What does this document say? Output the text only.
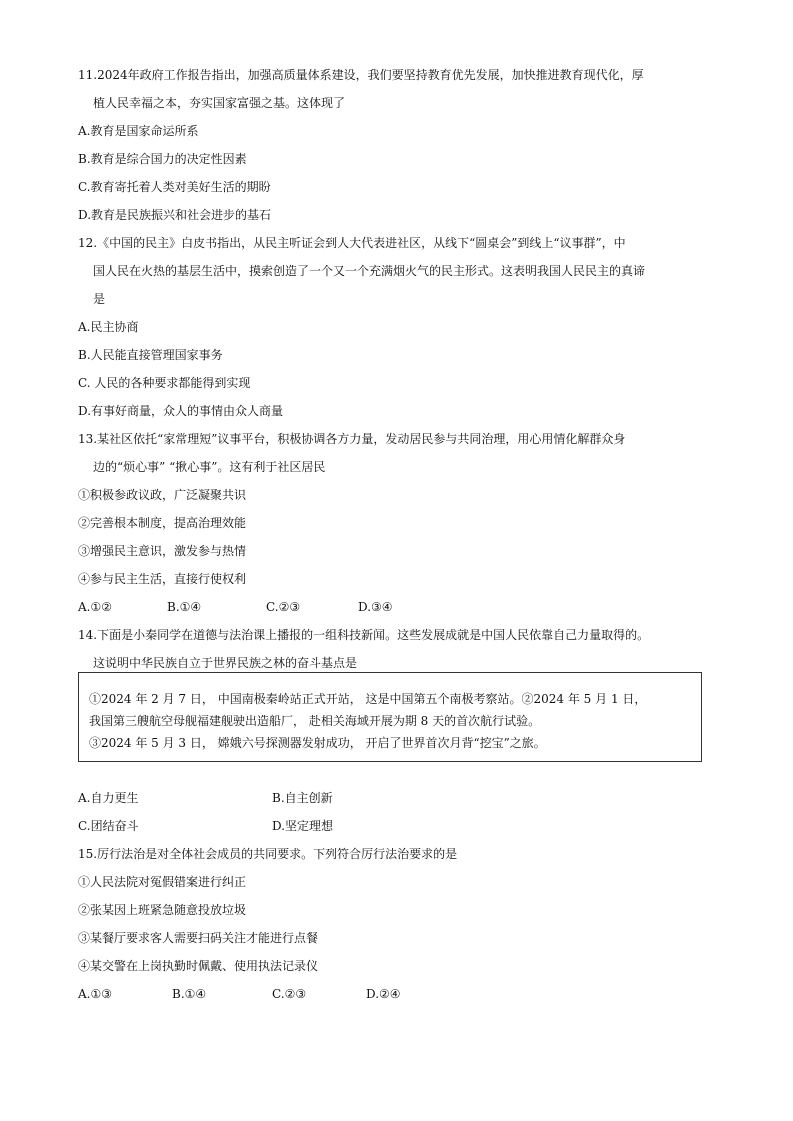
11.2024年政府工作报告指出，加强高质量体系建设，我们要坚持教育优先发展，加快推进教育现代化，厚
植人民幸福之本，夯实国家富强之基。这体现了
A.教育是国家命运所系
B.教育是综合国力的决定性因素
C.教育寄托着人类对美好生活的期盼
D.教育是民族振兴和社会进步的基石
12.《中国的民主》白皮书指出，从民主听证会到人大代表进社区，从线下“圆桌会”到线上“议事群”，中
国人民在火热的基层生活中，摸索创造了一个又一个充满烟火气的民主形式。这表明我国人民民主的真谛
是
A.民主协商
B.人民能直接管理国家事务
C. 人民的各种要求都能得到实现
D.有事好商量，众人的事情由众人商量
13.某社区依托“家常理短”议事平台，积极协调各方力量，发动居民参与共同治理，用心用情化解群众身
边的“烦心事” “揪心事”。这有利于社区居民
①积极参政议政，广泛凝聚共识
②完善根本制度，提高治理效能
③增强民主意识，激发参与热情
④参与民主生活，直接行使权利
A.①②	B.①④	C.②③	D.③④
14.下面是小秦同学在道德与法治课上播报的一组科技新闻。这些发展成就是中国人民依靠自己力量取得的。
这说明中华民族自立于世界民族之林的奋斗基点是
①2024 年 2 月 7 日， 中国南极秦岭站正式开站， 这是中国第五个南极考察站。②2024 年 5 月 1 日，
我国第三艘航空母舰福建舰驶出造船厂， 赴相关海域开展为期 8 天的首次航行试验。
③2024 年 5 月 3 日， 嫦娥六号探测器发射成功， 开启了世界首次月背“挖宝”之旅。
A.自力更生	B.自主创新
C.团结奋斗	D.坚定理想
15.厉行法治是对全体社会成员的共同要求。下列符合厉行法治要求的是
①人民法院对冤假错案进行纠正
②张某因上班紧急随意投放垃圾
③某餐厅要求客人需要扫码关注才能进行点餐
④某交警在上岗执勤时佩戴、使用执法记录仪
A.①③	B.①④	C.②③	D.②④
